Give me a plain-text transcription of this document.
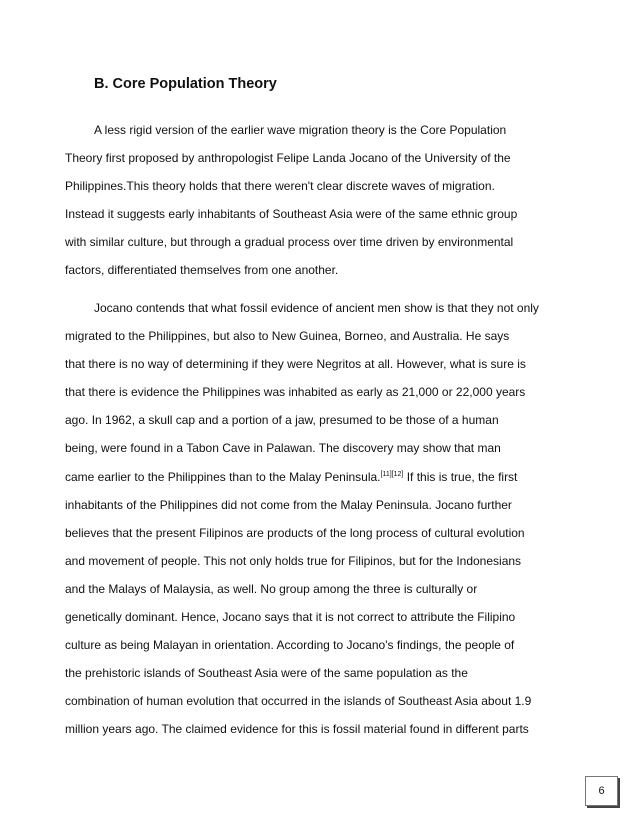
B. Core Population Theory
A less rigid version of the earlier wave migration theory is the Core Population
Theory first proposed by anthropologist Felipe Landa Jocano of the University of the
Philippines.This theory holds that there weren't clear discrete waves of migration.
Instead it suggests early inhabitants of Southeast Asia were of the same ethnic group
with similar culture, but through a gradual process over time driven by environmental
factors, differentiated themselves from one another.
Jocano contends that what fossil evidence of ancient men show is that they not only
migrated to the Philippines, but also to New Guinea, Borneo, and Australia. He says
that there is no way of determining if they were Negritos at all. However, what is sure is
that there is evidence the Philippines was inhabited as early as 21,000 or 22,000 years
ago. In 1962, a skull cap and a portion of a jaw, presumed to be those of a human
being, were found in a Tabon Cave in Palawan. The discovery may show that man
came earlier to the Philippines than to the Malay Peninsula.[11][12] If this is true, the first
inhabitants of the Philippines did not come from the Malay Peninsula. Jocano further
believes that the present Filipinos are products of the long process of cultural evolution
and movement of people. This not only holds true for Filipinos, but for the Indonesians
and the Malays of Malaysia, as well. No group among the three is culturally or
genetically dominant. Hence, Jocano says that it is not correct to attribute the Filipino
culture as being Malayan in orientation. According to Jocano's findings, the people of
the prehistoric islands of Southeast Asia were of the same population as the
combination of human evolution that occurred in the islands of Southeast Asia about 1.9
million years ago. The claimed evidence for this is fossil material found in different parts
6
